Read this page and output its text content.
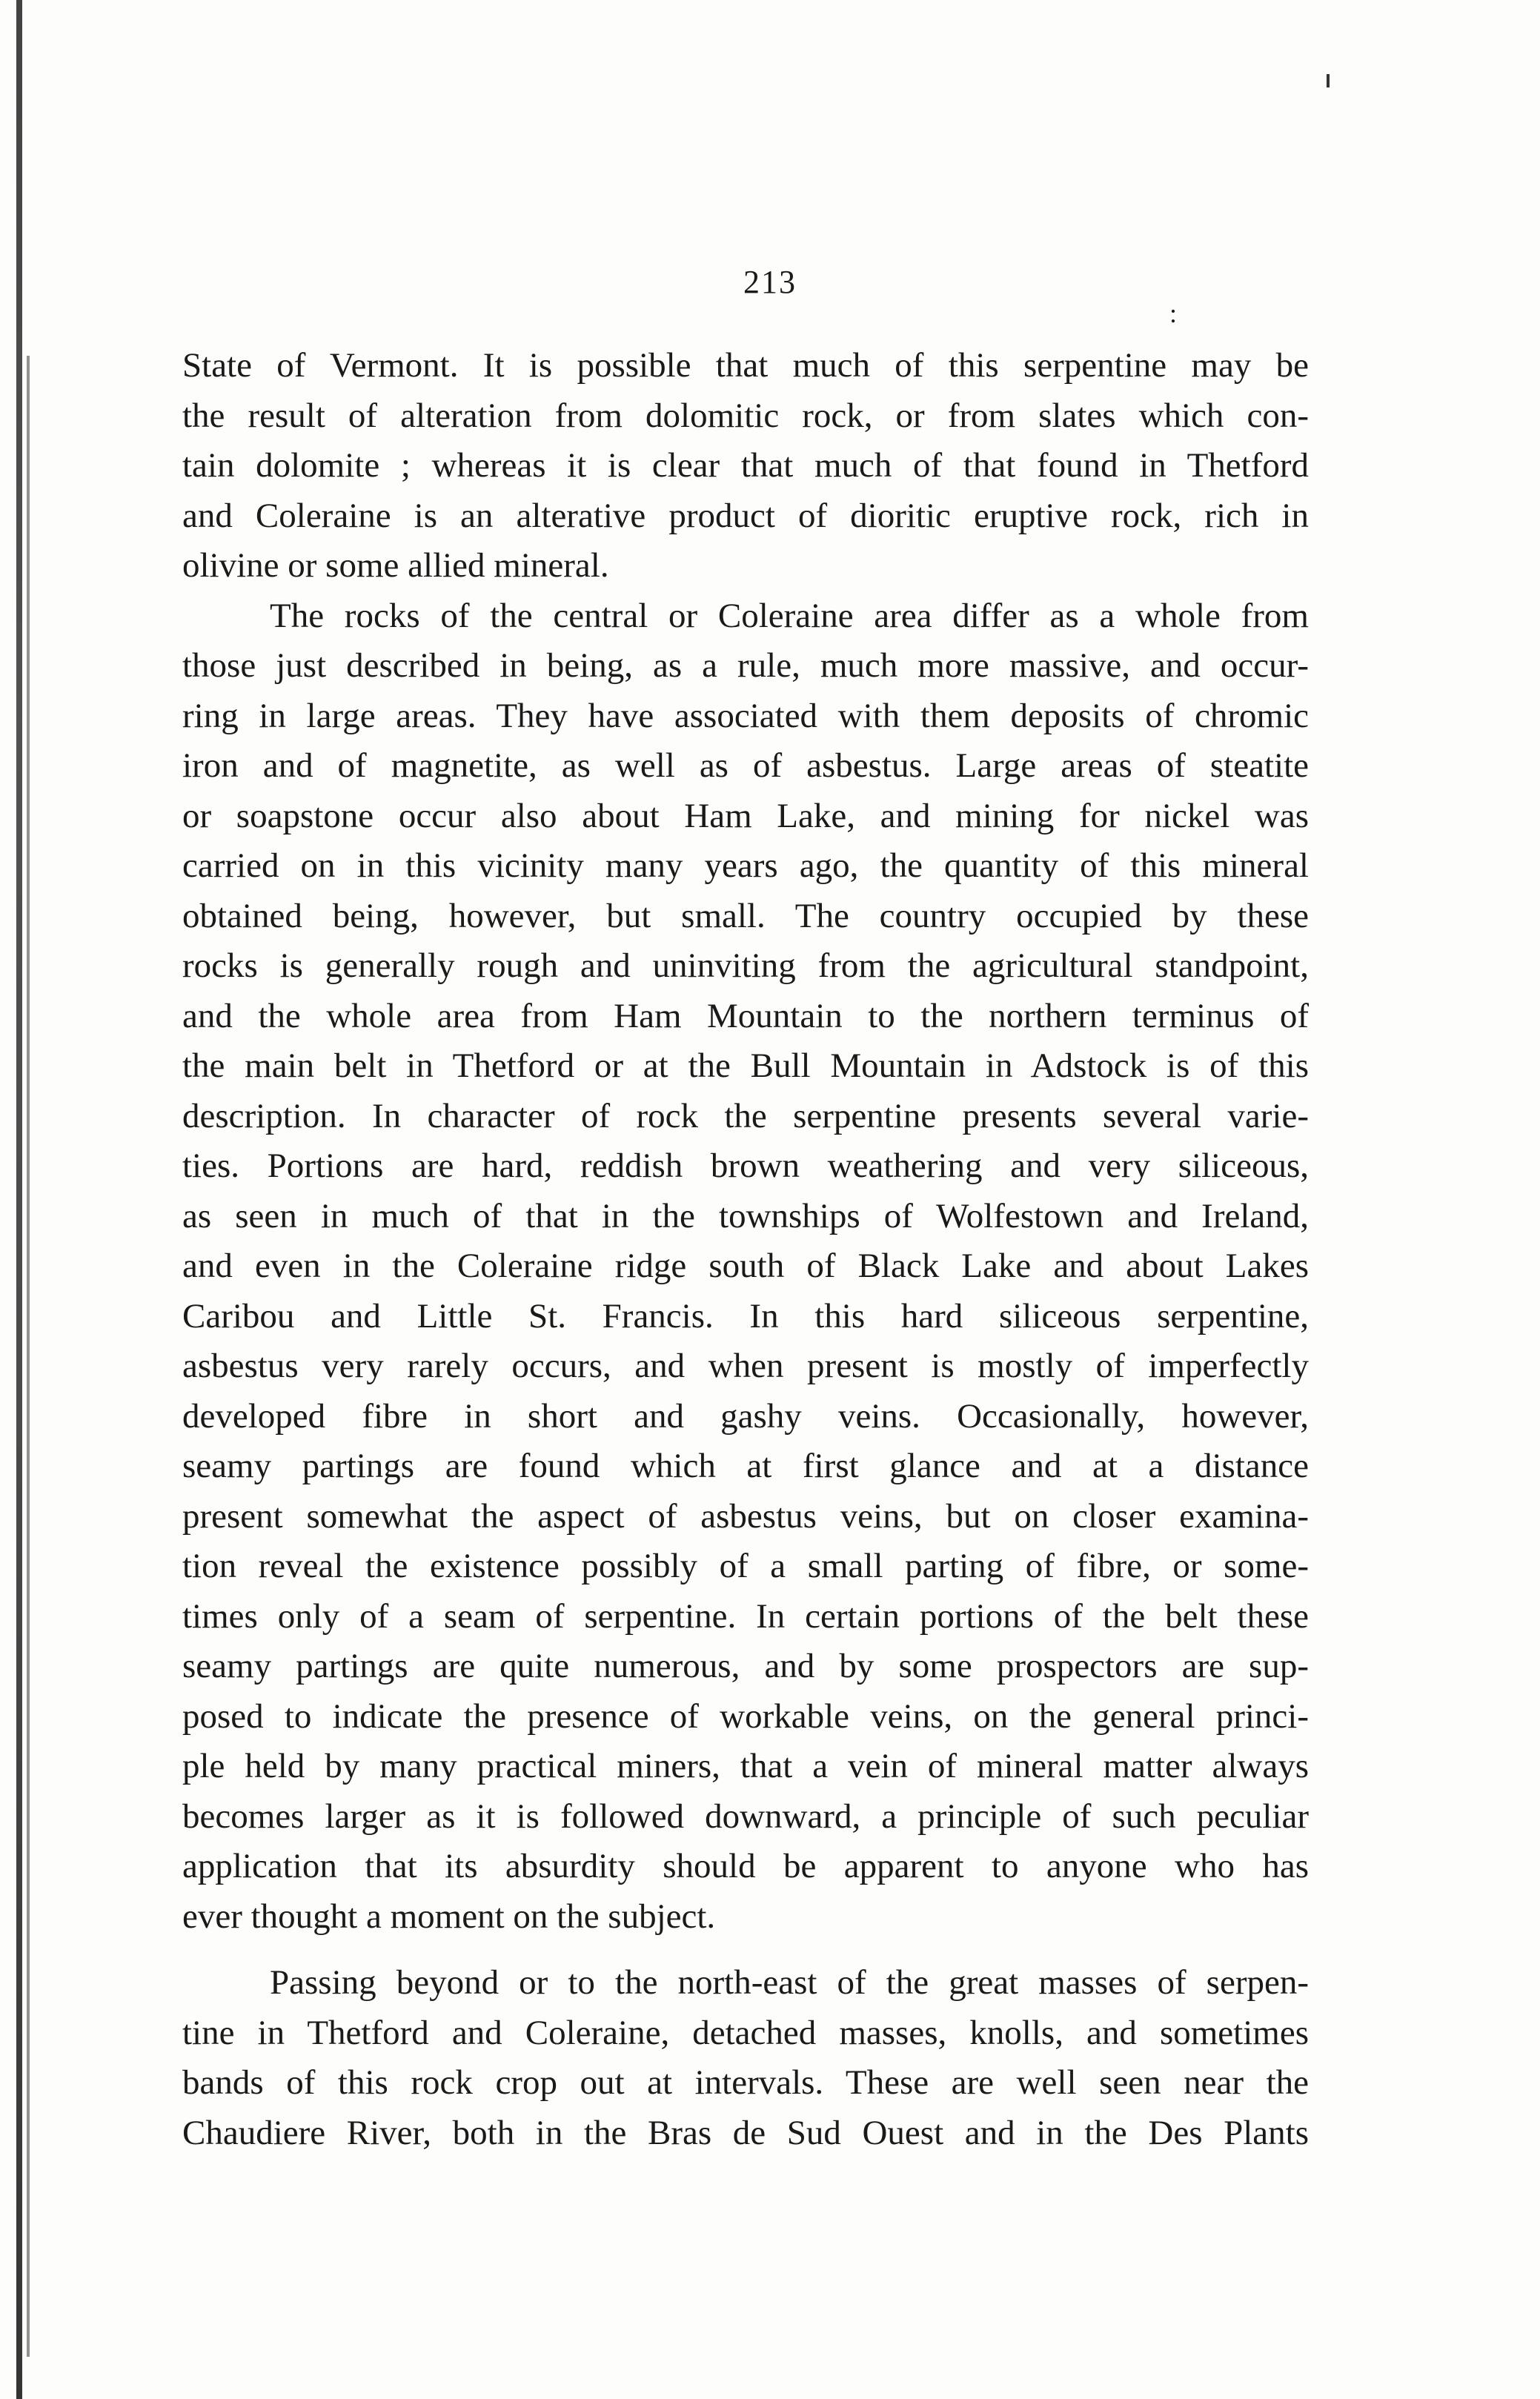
213
:
State of Vermont. It is possible that much of this serpentine may be
the result of alteration from dolomitic rock, or from slates which con-
tain dolomite ; whereas it is clear that much of that found in Thetford
and Coleraine is an alterative product of dioritic eruptive rock, rich in
olivine or some allied mineral.
The rocks of the central or Coleraine area differ as a whole from
those just described in being, as a rule, much more massive, and occur-
ring in large areas. They have associated with them deposits of chromic
iron and of magnetite, as well as of asbestus. Large areas of steatite
or soapstone occur also about Ham Lake, and mining for nickel was
carried on in this vicinity many years ago, the quantity of this mineral
obtained being, however, but small. The country occupied by these
rocks is generally rough and uninviting from the agricultural standpoint,
and the whole area from Ham Mountain to the northern terminus of
the main belt in Thetford or at the Bull Mountain in Adstock is of this
description. In character of rock the serpentine presents several varie-
ties. Portions are hard, reddish brown weathering and very siliceous,
as seen in much of that in the townships of Wolfestown and Ireland,
and even in the Coleraine ridge south of Black Lake and about Lakes
Caribou and Little St. Francis. In this hard siliceous serpentine,
asbestus very rarely occurs, and when present is mostly of imperfectly
developed fibre in short and gashy veins. Occasionally, however,
seamy partings are found which at first glance and at a distance
present somewhat the aspect of asbestus veins, but on closer examina-
tion reveal the existence possibly of a small parting of fibre, or some-
times only of a seam of serpentine. In certain portions of the belt these
seamy partings are quite numerous, and by some prospectors are sup-
posed to indicate the presence of workable veins, on the general princi-
ple held by many practical miners, that a vein of mineral matter always
becomes larger as it is followed downward, a principle of such peculiar
application that its absurdity should be apparent to anyone who has
ever thought a moment on the subject.
Passing beyond or to the north-east of the great masses of serpen-
tine in Thetford and Coleraine, detached masses, knolls, and sometimes
bands of this rock crop out at intervals. These are well seen near the
Chaudiere River, both in the Bras de Sud Ouest and in the Des Plants
